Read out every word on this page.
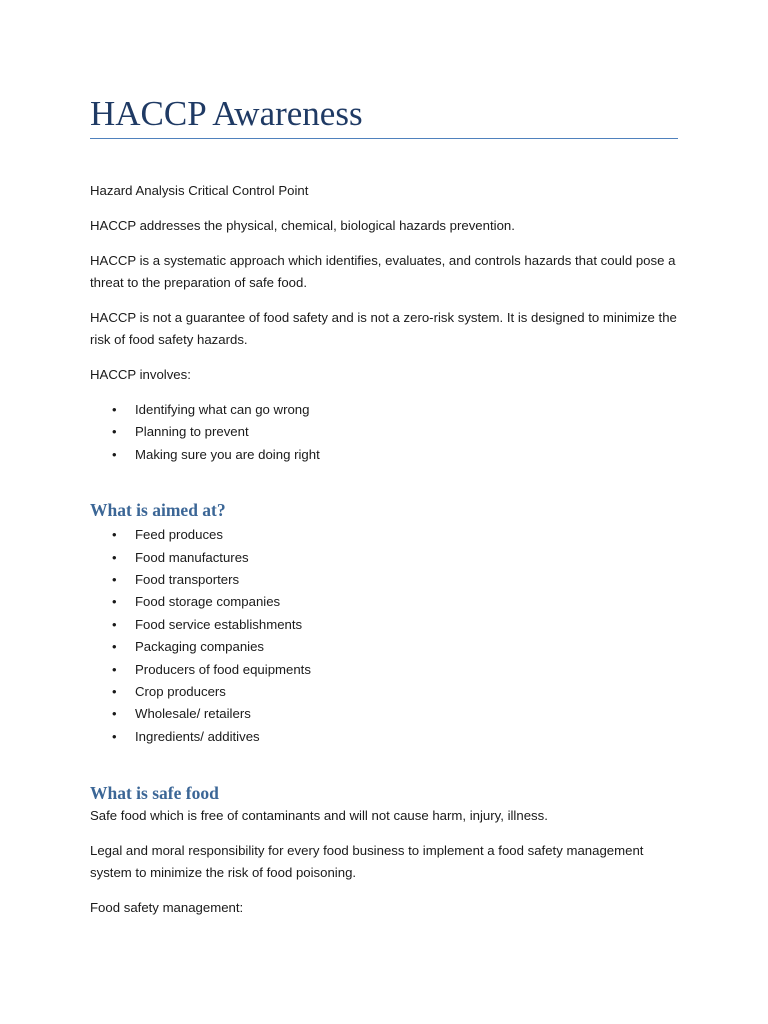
HACCP Awareness

Hazard Analysis Critical Control Point

HACCP addresses the physical, chemical, biological hazards prevention.

HACCP is a systematic approach which identifies, evaluates, and controls hazards that could pose a threat to the preparation of safe food.

HACCP is not a guarantee of food safety and is not a zero-risk system. It is designed to minimize the risk of food safety hazards.

HACCP involves:

• Identifying what can go wrong
• Planning to prevent
• Making sure you are doing right
What is aimed at?
• Feed produces
• Food manufactures
• Food transporters
• Food storage companies
• Food service establishments
• Packaging companies
• Producers of food equipments
• Crop producers
• Wholesale/ retailers
• Ingredients/ additives
What is safe food

Safe food which is free of contaminants and will not cause harm, injury, illness.

Legal and moral responsibility for every food business to implement a food safety management system to minimize the risk of food poisoning.

Food safety management:
